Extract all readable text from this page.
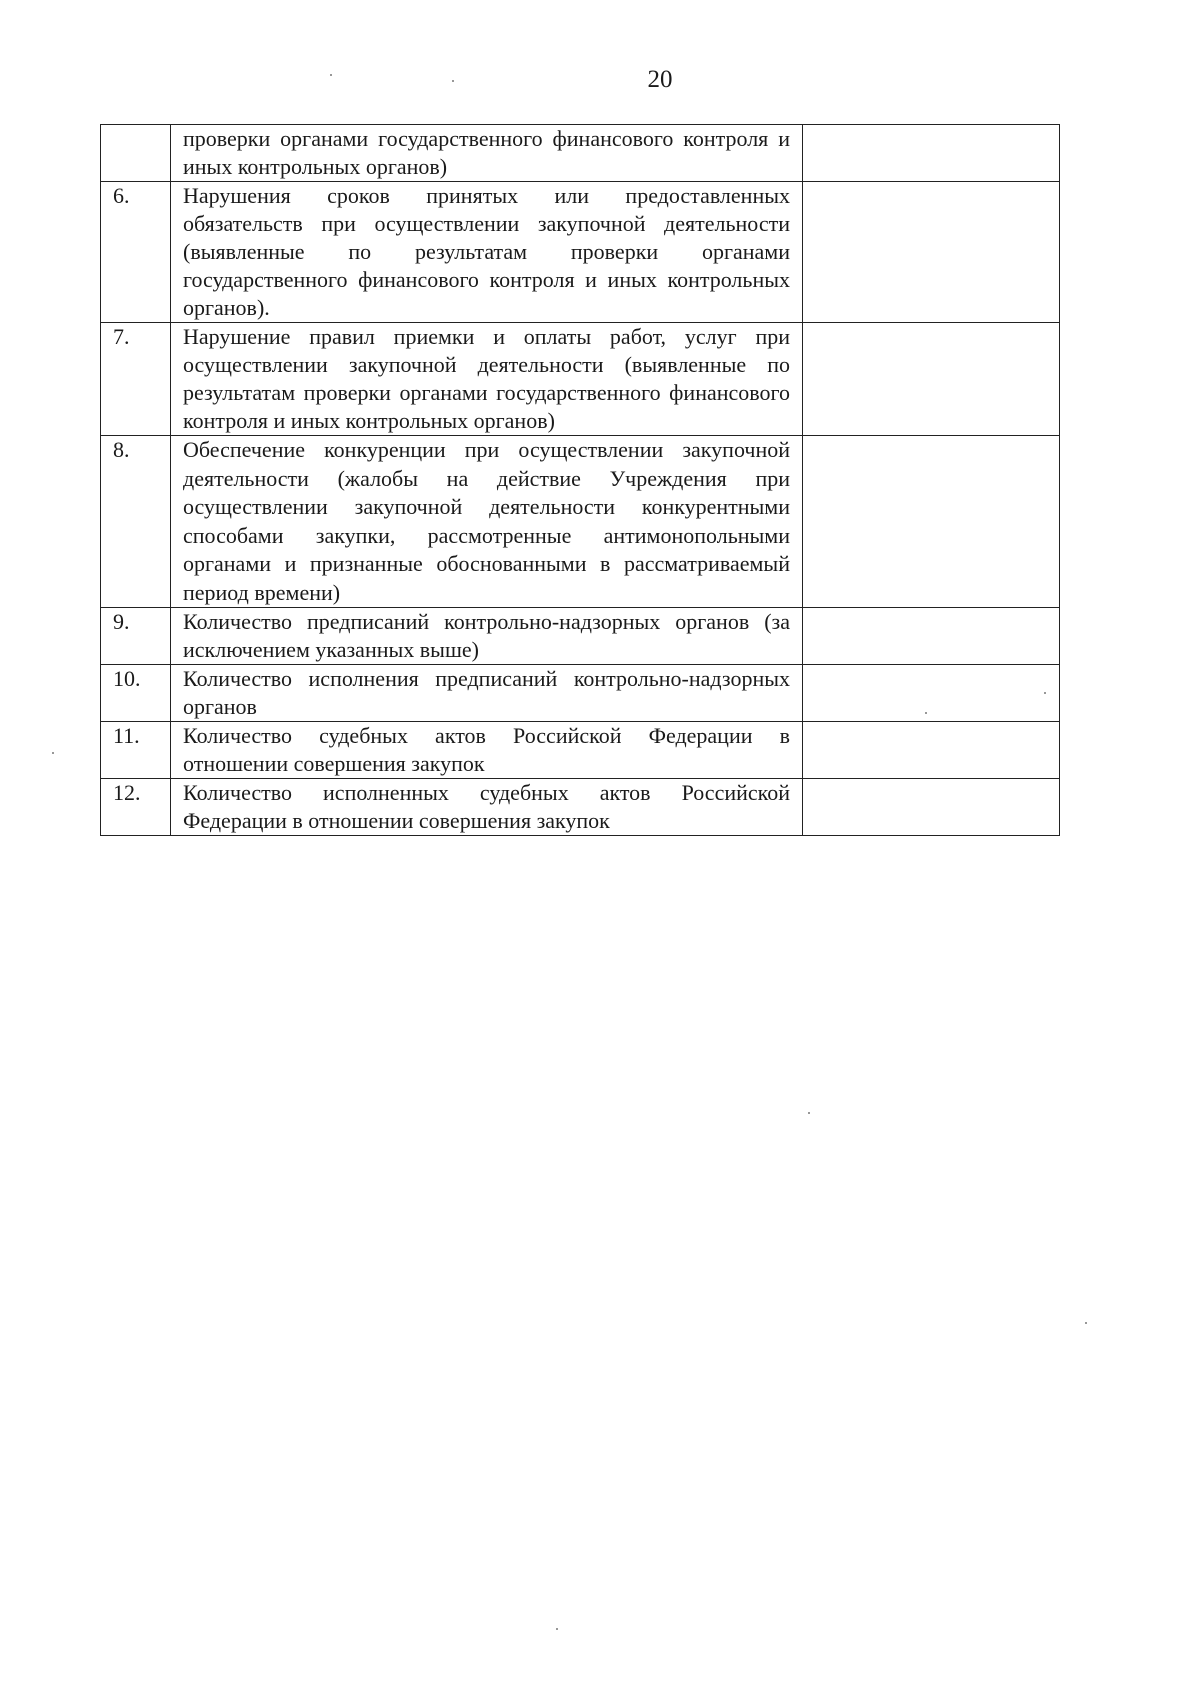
20

	проверки органами государственного финансового контроля и иных контрольных органов)	

6.	Нарушения сроков принятых или предоставленных обязательств при осуществлении закупочной деятельности (выявленные по результатам проверки органами государственного финансового контроля и иных контрольных органов).	

7.	Нарушение правил приемки и оплаты работ, услуг при осуществлении закупочной деятельности (выявленные по результатам проверки органами государственного финансового контроля и иных контрольных органов)	

8.	Обеспечение конкуренции при осуществлении закупочной деятельности (жалобы на действие Учреждения при осуществлении закупочной деятельности конкурентными способами закупки, рассмотренные антимонопольными органами и признанные обоснованными в рассматриваемый период времени)	

9.	Количество предписаний контрольно-надзорных органов (за исключением указанных выше)	

10.	Количество исполнения предписаний контрольно-надзорных органов	

11.	Количество судебных актов Российской Федерации в отношении совершения закупок	

12.	Количество исполненных судебных актов Российской Федерации в отношении совершения закупок	
